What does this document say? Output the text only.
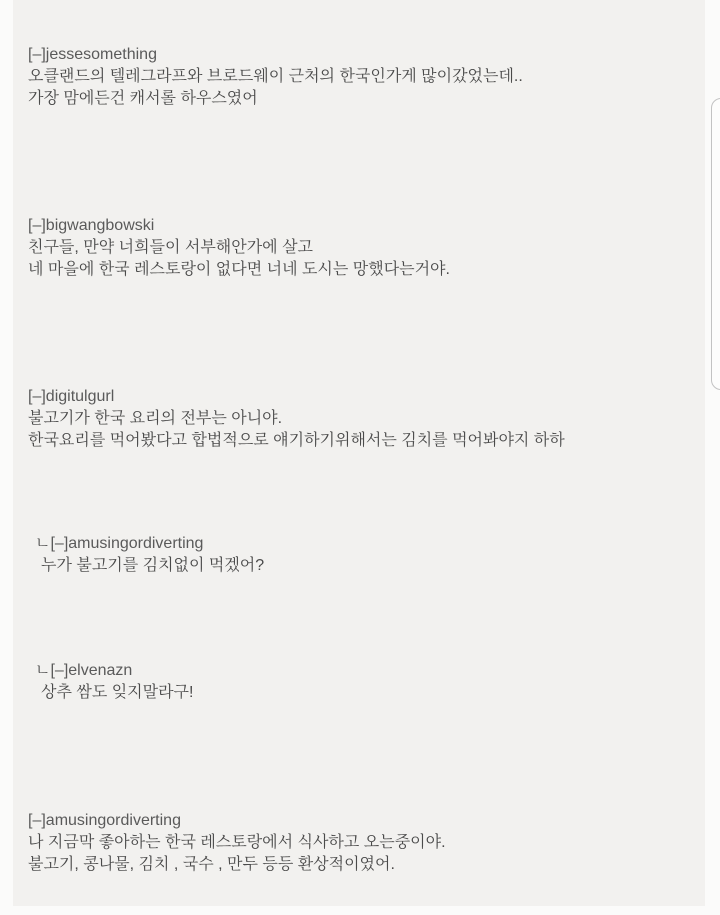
[–]jessesomething
오클랜드의 텔레그라프와 브로드웨이 근처의 한국인가게 많이갔었는데..
가장 맘에든건 캐서롤 하우스였어
[–]bigwangbowski
친구들, 만약 너희들이 서부해안가에 살고
네 마을에 한국 레스토랑이 없다면 너네 도시는 망했다는거야.
[–]digitulgurl
불고기가 한국 요리의 전부는 아니야.
한국요리를 먹어봤다고 합법적으로 얘기하기위해서는 김치를 먹어봐야지 하하
ㄴ[–]amusingordiverting
누가 불고기를 김치없이 먹겠어?
ㄴ[–]elvenazn
상추 쌈도 잊지말라구!
[–]amusingordiverting
나 지금막 좋아하는 한국 레스토랑에서 식사하고 오는중이야.
불고기, 콩나물, 김치 , 국수 , 만두 등등 환상적이였어.
